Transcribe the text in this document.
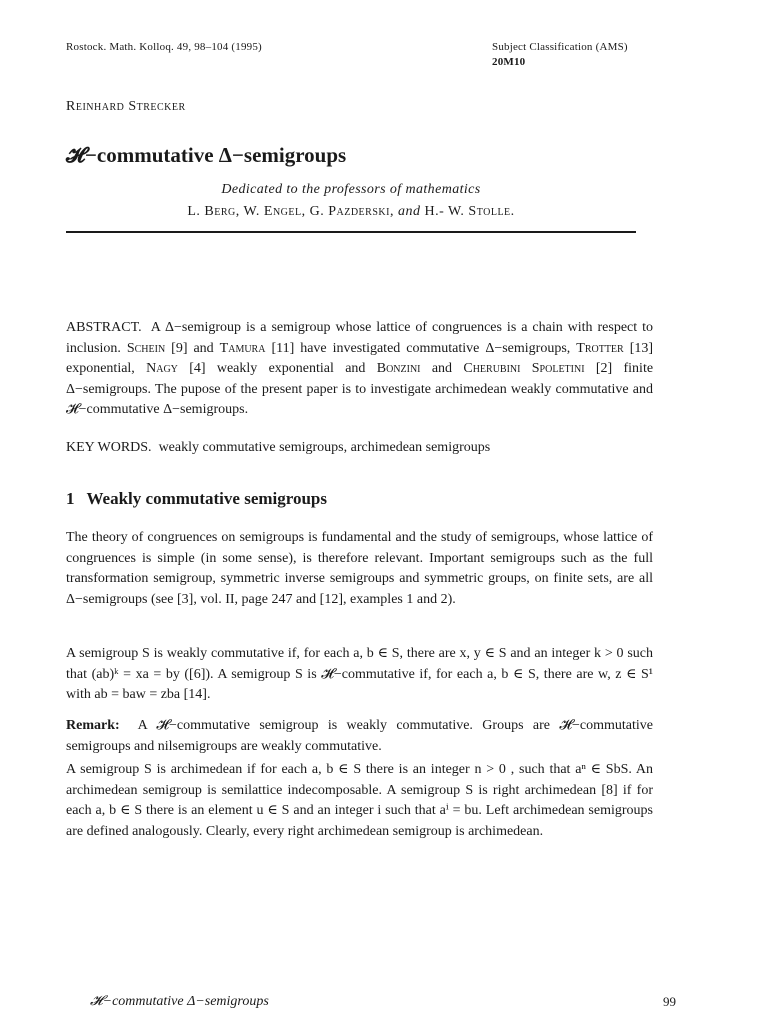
Rostock. Math. Kolloq. 49, 98–104 (1995)	Subject Classification (AMS)
20M10
Reinhard Strecker
𝓗−commutative Δ−semigroups
Dedicated to the professors of mathematics
L. Berg, W. Engel, G. Pazderski, and H.- W. Stolle.

ABSTRACT. A Δ−semigroup is a semigroup whose lattice of congruences is a chain with respect to inclusion. Schein [9] and Tamura [11] have investigated commutative Δ−semigroups, Trotter [13] exponential, Nagy [4] weakly exponential and Bonzini and Cherubini Spoletini [2] finite Δ−semigroups. The pupose of the present paper is to investigate archimedean weakly commutative and 𝓗−commutative Δ−semigroups.

KEY WORDS. weakly commutative semigroups, archimedean semigroups

1 Weakly commutative semigroups

The theory of congruences on semigroups is fundamental and the study of semigroups, whose lattice of congruences is simple (in some sense), is therefore relevant. Important semigroups such as the full transformation semigroup, symmetric inverse semigroups and symmetric groups, on finite sets, are all Δ−semigroups (see [3], vol. II, page 247 and [12], examples 1 and 2).

A semigroup S is weakly commutative if, for each a, b ∈ S, there are x, y ∈ S and an integer k > 0 such that (ab)ᵏ = xa = by ([6]). A semigroup S is 𝓗−commutative if, for each a, b ∈ S, there are w, z ∈ S¹ with ab = baw = zba [14].

Remark: A 𝓗−commutative semigroup is weakly commutative. Groups are 𝓗−commutative semigroups and nilsemigroups are weakly commutative.

A semigroup S is archimedean if for each a, b ∈ S there is an integer n > 0 , such that aⁿ ∈ SbS. An archimedean semigroup is semilattice indecomposable. A semigroup S is right archimedean [8] if for each a, b ∈ S there is an element u ∈ S and an integer i such that aⁱ = bu. Left archimedean semigroups are defined analogously. Clearly, every right archimedean semigroup is archimedean.

𝓗−commutative Δ−semigroups	99
